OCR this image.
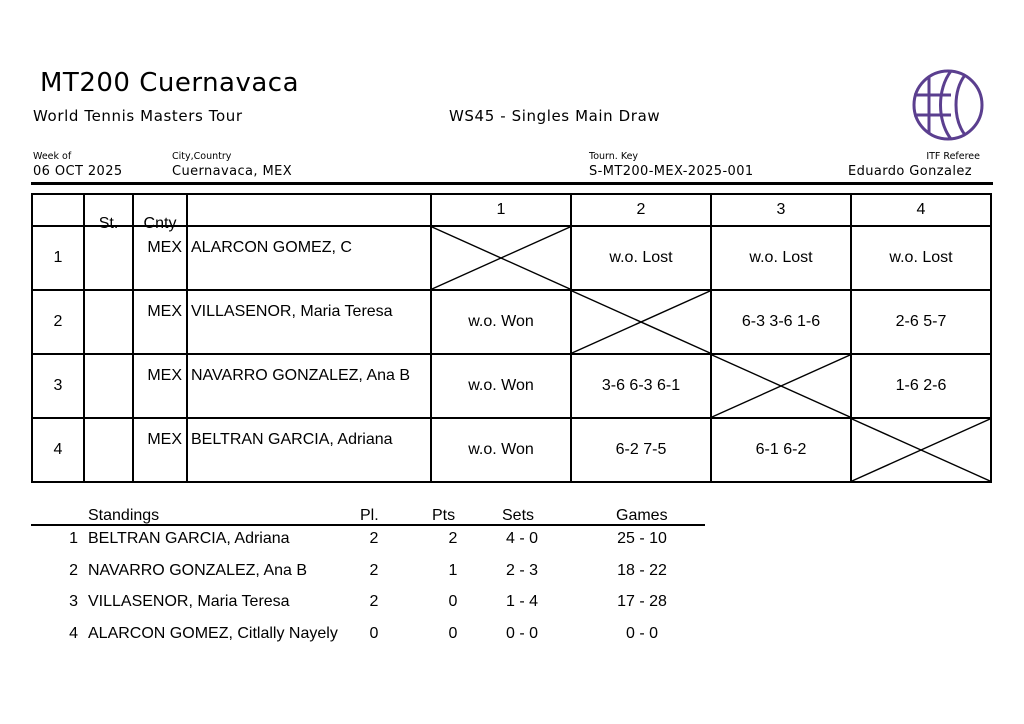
MT200 Cuernavaca
World Tennis Masters Tour	WS45 - Singles Main Draw
Week of
06 OCT 2025
City,Country
Cuernavaca, MEX
Tourn. Key
S-MT200-MEX-2025-001
ITF Referee
Eduardo Gonzalez
	St.	Cnty		1	2	3	4
1		MEX	ALARCON GOMEZ, C		w.o. Lost	w.o. Lost	w.o. Lost
2		MEX	VILLASENOR, Maria Teresa	w.o. Won		6-3 3-6 1-6	2-6 5-7
3		MEX	NAVARRO GONZALEZ, Ana B	w.o. Won	3-6 6-3 6-1		1-6 2-6
4		MEX	BELTRAN GARCIA, Adriana	w.o. Won	6-2 7-5	6-1 6-2	
Standings	Pl.	Pts	Sets	Games
1 BELTRAN GARCIA, Adriana	2	2	4 - 0	25 - 10
2 NAVARRO GONZALEZ, Ana B	2	1	2 - 3	18 - 22
3 VILLASENOR, Maria Teresa	2	0	1 - 4	17 - 28
4 ALARCON GOMEZ, Citlally Nayely	0	0	0 - 0	0 - 0
